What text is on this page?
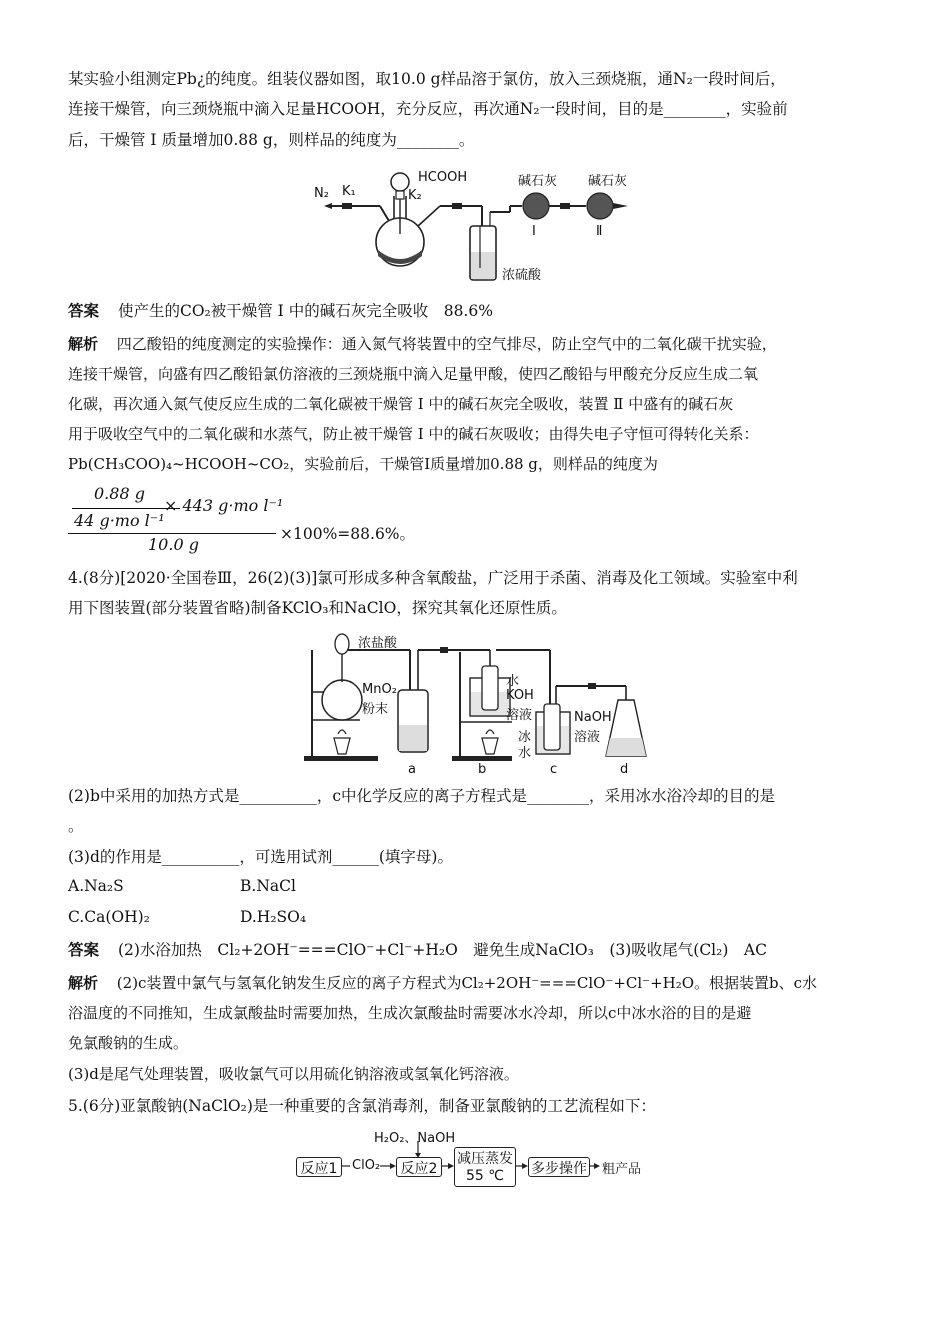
某实验小组测定Pb¿的纯度。组装仪器如图，取10.0 g样品溶于氯仿，放入三颈烧瓶，通N₂一段时间后，
连接干燥管，向三颈烧瓶中滴入足量HCOOH，充分反应，再次通N₂一段时间，目的是________，实验前
后，干燥管 Ⅰ 质量增加0.88 g，则样品的纯度为________。
N₂ K₁	K₂
HCOOH	碱石灰 碱石灰
Ⅰ	Ⅱ
浓硫酸
答案 使产生的CO₂被干燥管 Ⅰ 中的碱石灰完全吸收　88.6%
解析 四乙酸铅的纯度测定的实验操作：通入氮气将装置中的空气排尽，防止空气中的二氧化碳干扰实验，
连接干燥管，向盛有四乙酸铅氯仿溶液的三颈烧瓶中滴入足量甲酸，使四乙酸铅与甲酸充分反应生成二氧
化碳，再次通入氮气使反应生成的二氧化碳被干燥管 Ⅰ 中的碱石灰完全吸收，装置 Ⅱ 中盛有的碱石灰
用于吸收空气中的二氧化碳和水蒸气，防止被干燥管 Ⅰ 中的碱石灰吸收；由得失电子守恒可得转化关系：
Pb(CH₃COO)₄~HCOOH~CO₂，实验前后，干燥管Ⅰ质量增加0.88 g，则样品的纯度为
0.88 g
44 g·mo l⁻¹
× 443 g·mo l⁻¹
10.0 g
×100%=88.6%。
4.(8分)[2020·全国卷Ⅲ，26(2)(3)]氯可形成多种含氧酸盐，广泛用于杀菌、消毒及化工领域。实验室中利
用下图装置(部分装置省略)制备KClO₃和NaClO，探究其氧化还原性质。
浓盐酸
MnO₂
粉末
水
KOH
溶液
冰
水
NaOH
溶液
a	b	c	d
(2)b中采用的加热方式是__________，c中化学反应的离子方程式是________，采用冰水浴冷却的目的是
。
(3)d的作用是__________，可选用试剂______(填字母)。
A.Na₂S	B.NaCl
C.Ca(OH)₂	D.H₂SO₄
答案 (2)水浴加热　Cl₂+2OH⁻===ClO⁻+Cl⁻+H₂O　避免生成NaClO₃　(3)吸收尾气(Cl₂)　AC
解析 (2)c装置中氯气与氢氧化钠发生反应的离子方程式为Cl₂+2OH⁻===ClO⁻+Cl⁻+H₂O。根据装置b、c水
浴温度的不同推知，生成氯酸盐时需要加热，生成次氯酸盐时需要冰水冷却，所以c中冰水浴的目的是避
免氯酸钠的生成。
(3)d是尾气处理装置，吸收氯气可以用硫化钠溶液或氢氧化钙溶液。
5.(6分)亚氯酸钠(NaClO₂)是一种重要的含氯消毒剂，制备亚氯酸钠的工艺流程如下：
H₂O₂、NaOH
反应1	ClO₂	反应2
减压蒸发
55 ℃	多步操作 粗产品
